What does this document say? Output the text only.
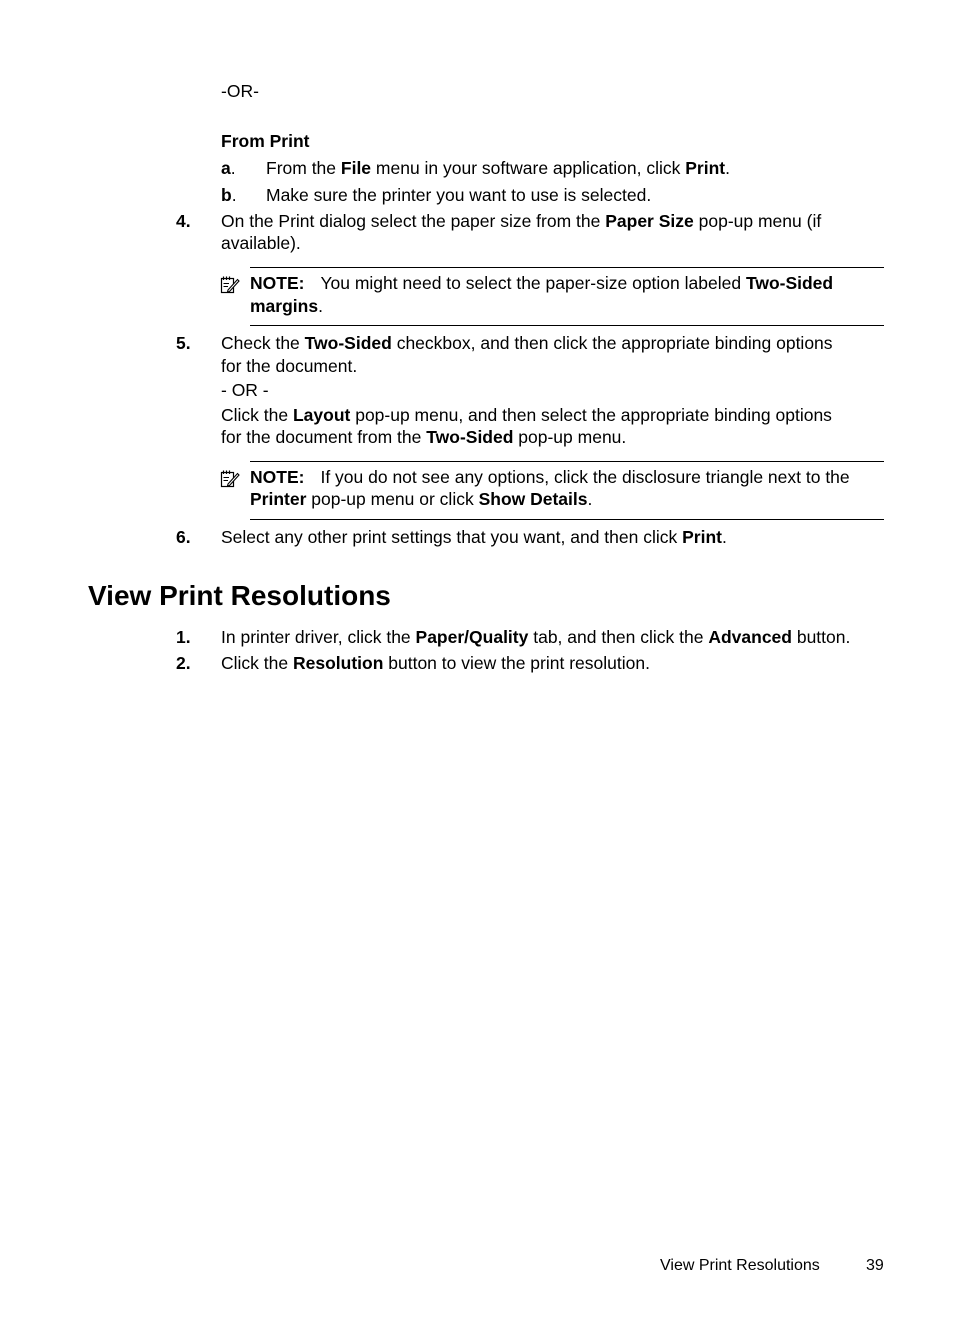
-OR-
From Print
a. From the File menu in your software application, click Print.
b. Make sure the printer you want to use is selected.
4. On the Print dialog select the paper size from the Paper Size pop-up menu (if
available).
NOTE: You might need to select the paper-size option labeled Two-Sided
margins.
5. Check the Two-Sided checkbox, and then click the appropriate binding options
for the document.
- OR -
Click the Layout pop-up menu, and then select the appropriate binding options
for the document from the Two-Sided pop-up menu.
NOTE: If you do not see any options, click the disclosure triangle next to the
Printer pop-up menu or click Show Details.
6. Select any other print settings that you want, and then click Print.
View Print Resolutions
1. In printer driver, click the Paper/Quality tab, and then click the Advanced button.
2. Click the Resolution button to view the print resolution.
View Print Resolutions	39
